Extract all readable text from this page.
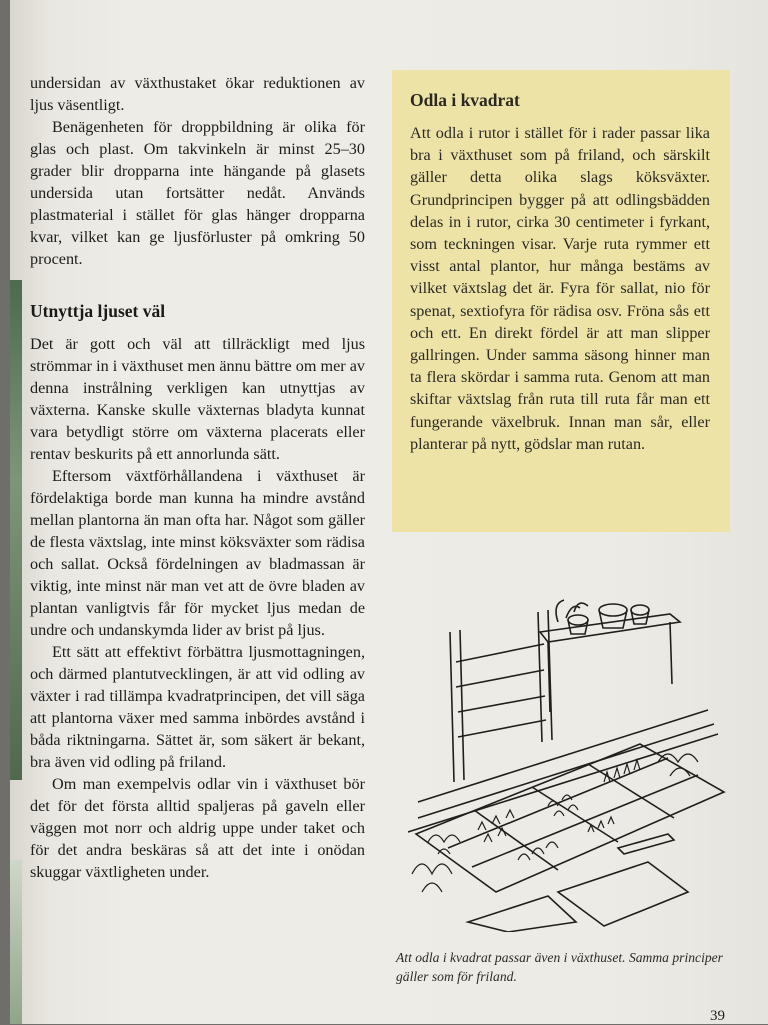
undersidan av växthustaket ökar reduktionen av ljus väsentligt.

Benägenheten för droppbildning är olika för glas och plast. Om takvinkeln är minst 25–30 grader blir dropparna inte hängande på glasets undersida utan fortsätter nedåt. Används plastmaterial i stället för glas hänger dropparna kvar, vilket kan ge ljusförluster på omkring 50 procent.

Utnyttja ljuset väl

Det är gott och väl att tillräckligt med ljus strömmar in i växthuset men ännu bättre om mer av denna instrålning verkligen kan utnyttjas av växterna. Kanske skulle växternas bladyta kunnat vara betydligt större om växterna placerats eller rentav beskurits på ett annorlunda sätt.

Eftersom växtförhållandena i växthuset är fördelaktiga borde man kunna ha mindre avstånd mellan plantorna än man ofta har. Något som gäller de flesta växtslag, inte minst köksväxter som rädisa och sallat. Också fördelningen av bladmassan är viktig, inte minst när man vet att de övre bladen av plantan vanligtvis får för mycket ljus medan de undre och undanskymda lider av brist på ljus.

Ett sätt att effektivt förbättra ljusmottagningen, och därmed plantutvecklingen, är att vid odling av växter i rad tillämpa kvadratprincipen, det vill säga att plantorna växer med samma inbördes avstånd i båda riktningarna. Sättet är, som säkert är bekant, bra även vid odling på friland.

Om man exempelvis odlar vin i växthuset bör det för det första alltid spaljeras på gaveln eller väggen mot norr och aldrig uppe under taket och för det andra beskäras så att det inte i onödan skuggar växtligheten under.

Odla i kvadrat
Att odla i rutor i stället för i rader passar lika bra i växthuset som på friland, och särskilt gäller detta olika slags köksväxter. Grundprincipen bygger på att odlingsbädden delas in i rutor, cirka 30 centimeter i fyrkant, som teckningen visar. Varje ruta rymmer ett visst antal plantor, hur många bestäms av vilket växtslag det är. Fyra för sallat, nio för spenat, sextiofyra för rädisa osv. Fröna sås ett och ett. En direkt fördel är att man slipper gallringen. Under samma säsong hinner man ta flera skördar i samma ruta. Genom att man skiftar växtslag från ruta till ruta får man ett fungerande växelbruk. Innan man sår, eller planterar på nytt, gödslar man rutan.
Att odla i kvadrat passar även i växthuset. Samma principer gäller som för friland.
39
